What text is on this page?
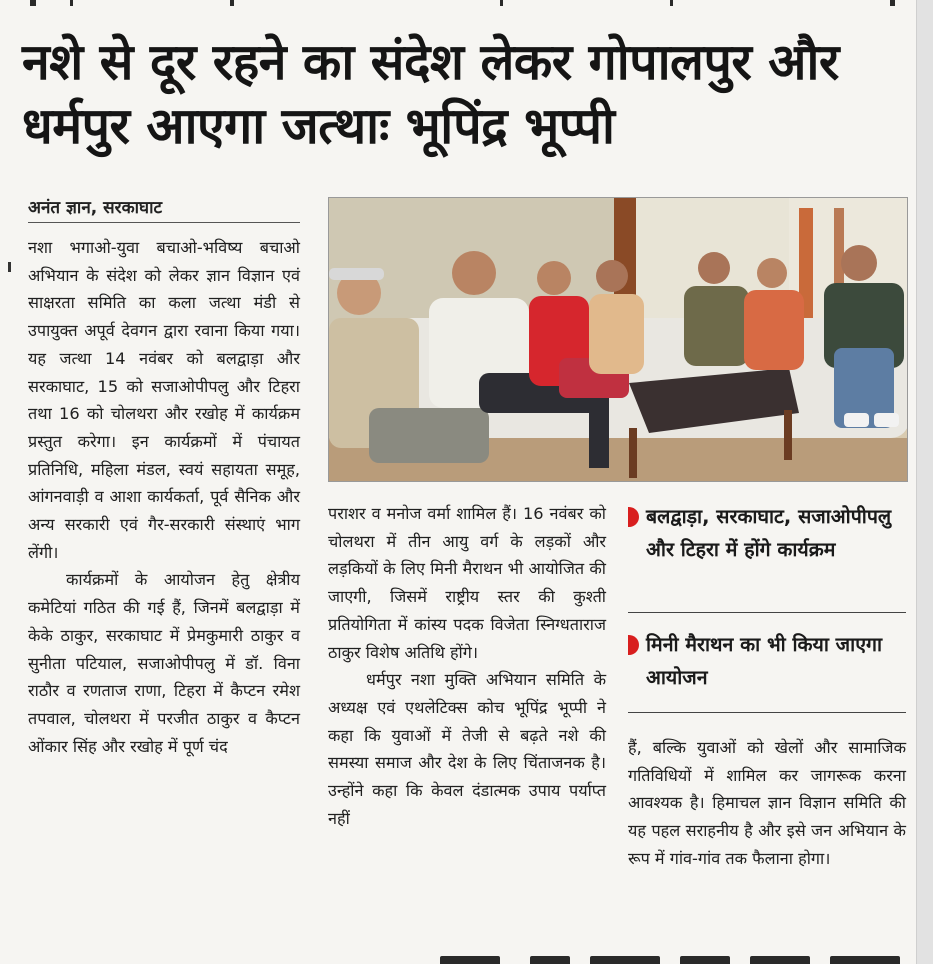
नशे से दूर रहने का संदेश लेकर गोपालपुर और धर्मपुर आएगा जत्थाः भूपिंद्र भूप्पी
अनंत ज्ञान, सरकाघाट

नशा भगाओ-युवा बचाओ-भविष्य बचाओ अभियान के संदेश को लेकर ज्ञान विज्ञान एवं साक्षरता समिति का कला जत्था मंडी से उपायुक्त अपूर्व देवगन द्वारा रवाना किया गया। यह जत्था 14 नवंबर को बलद्वाड़ा और सरकाघाट, 15 को सजाओपीपलु और टिहरा तथा 16 को चोलथरा और रखोह में कार्यक्रम प्रस्तुत करेगा। इन कार्यक्रमों में पंचायत प्रतिनिधि, महिला मंडल, स्वयं सहायता समूह, आंगनवाड़ी व आशा कार्यकर्ता, पूर्व सैनिक और अन्य सरकारी एवं गैर-सरकारी संस्थाएं भाग लेंगी।

कार्यक्रमों के आयोजन हेतु क्षेत्रीय कमेटियां गठित की गई हैं, जिनमें बलद्वाड़ा में केके ठाकुर, सरकाघाट में प्रेमकुमारी ठाकुर व सुनीता पटियाल, सजाओपीपलु में डॉ. विना राठौर व रणताज राणा, टिहरा में कैप्टन रमेश तपवाल, चोलथरा में परजीत ठाकुर व कैप्टन ओंकार सिंह और रखोह में पूर्ण चंद

पराशर व मनोज वर्मा शामिल हैं। 16 नवंबर को चोलथरा में तीन आयु वर्ग के लड़कों और लड़कियों के लिए मिनी मैराथन भी आयोजित की जाएगी, जिसमें राष्ट्रीय स्तर की कुश्ती प्रतियोगिता में कांस्य पदक विजेता स्निग्धताराज ठाकुर विशेष अतिथि होंगे।

धर्मपुर नशा मुक्ति अभियान समिति के अध्यक्ष एवं एथलेटिक्स कोच भूपिंद्र भूप्पी ने कहा कि युवाओं में तेजी से बढ़ते नशे की समस्या समाज और देश के लिए चिंताजनक है। उन्होंने कहा कि केवल दंडात्मक उपाय पर्याप्त नहीं

बलद्वाड़ा, सरकाघाट, सजाओपीपलु और टिहरा में होंगे कार्यक्रम
मिनी मैराथन का भी किया जाएगा आयोजन

हैं, बल्कि युवाओं को खेलों और सामाजिक गतिविधियों में शामिल कर जागरूक करना आवश्यक है। हिमाचल ज्ञान विज्ञान समिति की यह पहल सराहनीय है और इसे जन अभियान के रूप में गांव-गांव तक फैलाना होगा।
